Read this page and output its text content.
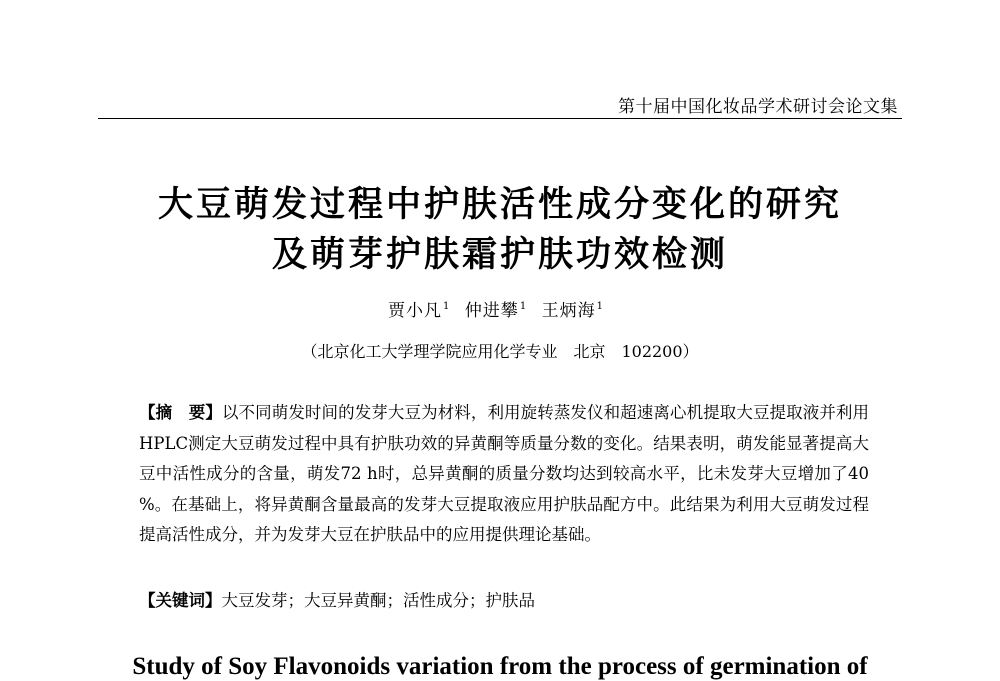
第十届中国化妆品学术研讨会论文集
大豆萌发过程中护肤活性成分变化的研究
及萌芽护肤霜护肤功效检测
贾小凡$^1$ 仲进攀$^1$ 王炳海$^1$
（北京化工大学理学院应用化学专业　北京　102200）
【摘　要】以不同萌发时间的发芽大豆为材料，利用旋转蒸发仪和超速离心机提取大豆提取液并利用HPLC测定大豆萌发过程中具有护肤功效的异黄酮等质量分数的变化。结果表明，萌发能显著提高大豆中活性成分的含量，萌发72 h时，总异黄酮的质量分数均达到较高水平，比未发芽大豆增加了40 %。在基础上，将异黄酮含量最高的发芽大豆提取液应用护肤品配方中。此结果为利用大豆萌发过程提高活性成分，并为发芽大豆在护肤品中的应用提供理论基础。
【关键词】大豆发芽；大豆异黄酮；活性成分；护肤品
Study of Soy Flavonoids variation from the process of germination of
